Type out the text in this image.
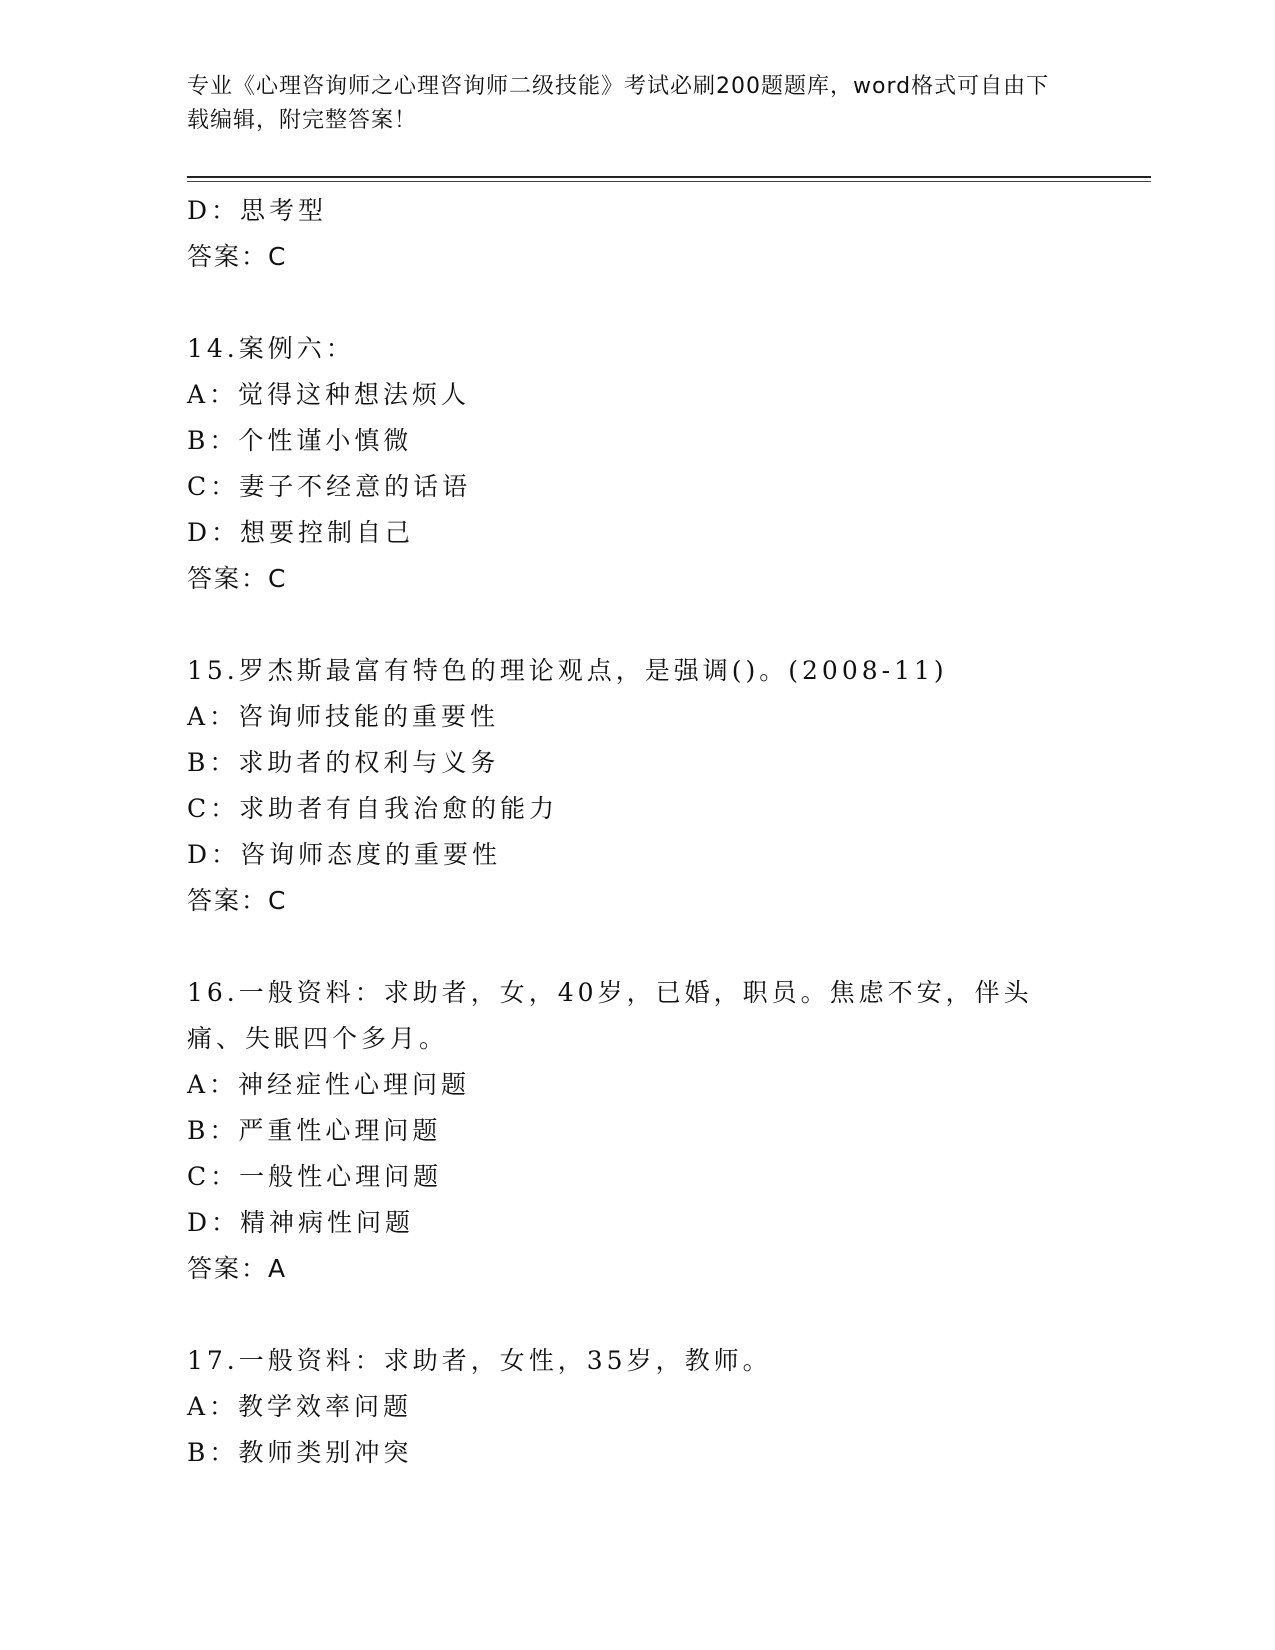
专业《心理咨询师之心理咨询师二级技能》考试必刷200题题库，word格式可自由下载编辑，附完整答案！
D：思考型
答案：C
14.案例六：
A：觉得这种想法烦人
B：个性谨小慎微
C：妻子不经意的话语
D：想要控制自己
答案：C
15.罗杰斯最富有特色的理论观点，是强调()。(2008-11)
A：咨询师技能的重要性
B：求助者的权利与义务
C：求助者有自我治愈的能力
D：咨询师态度的重要性
答案：C
16.一般资料：求助者，女，40岁，已婚，职员。焦虑不安，伴头痛、失眠四个多月。
A：神经症性心理问题
B：严重性心理问题
C：一般性心理问题
D：精神病性问题
答案：A
17.一般资料：求助者，女性，35岁，教师。
A：教学效率问题
B：教师类别冲突
